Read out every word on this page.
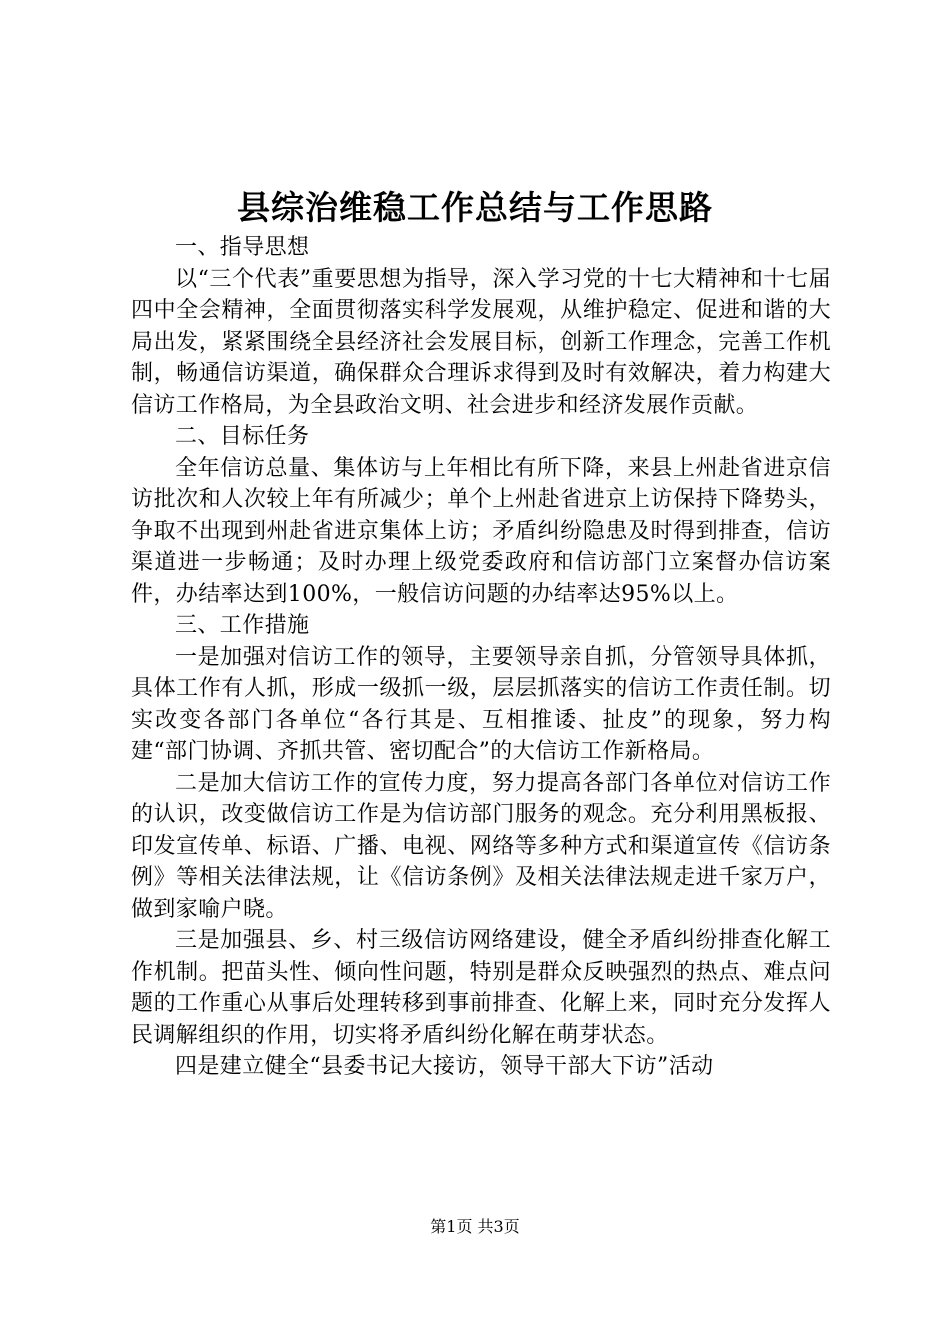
县综治维稳工作总结与工作思路

一、指导思想

以“三个代表”重要思想为指导，深入学习党的十七大精神和十七届四中全会精神，全面贯彻落实科学发展观，从维护稳定、促进和谐的大局出发，紧紧围绕全县经济社会发展目标，创新工作理念，完善工作机制，畅通信访渠道，确保群众合理诉求得到及时有效解决，着力构建大信访工作格局，为全县政治文明、社会进步和经济发展作贡献。

二、目标任务

全年信访总量、集体访与上年相比有所下降，来县上州赴省进京信访批次和人次较上年有所减少；单个上州赴省进京上访保持下降势头，争取不出现到州赴省进京集体上访；矛盾纠纷隐患及时得到排查，信访渠道进一步畅通；及时办理上级党委政府和信访部门立案督办信访案件，办结率达到100%，一般信访问题的办结率达95%以上。

三、工作措施

一是加强对信访工作的领导，主要领导亲自抓，分管领导具体抓，具体工作有人抓，形成一级抓一级，层层抓落实的信访工作责任制。切实改变各部门各单位“各行其是、互相推诿、扯皮”的现象，努力构建“部门协调、齐抓共管、密切配合”的大信访工作新格局。

二是加大信访工作的宣传力度，努力提高各部门各单位对信访工作的认识，改变做信访工作是为信访部门服务的观念。充分利用黑板报、印发宣传单、标语、广播、电视、网络等多种方式和渠道宣传《信访条例》等相关法律法规，让《信访条例》及相关法律法规走进千家万户，做到家喻户晓。

三是加强县、乡、村三级信访网络建设，健全矛盾纠纷排查化解工作机制。把苗头性、倾向性问题，特别是群众反映强烈的热点、难点问题的工作重心从事后处理转移到事前排查、化解上来，同时充分发挥人民调解组织的作用，切实将矛盾纠纷化解在萌芽状态。

四是建立健全“县委书记大接访，领导干部大下访”活动

第1页 共3页
